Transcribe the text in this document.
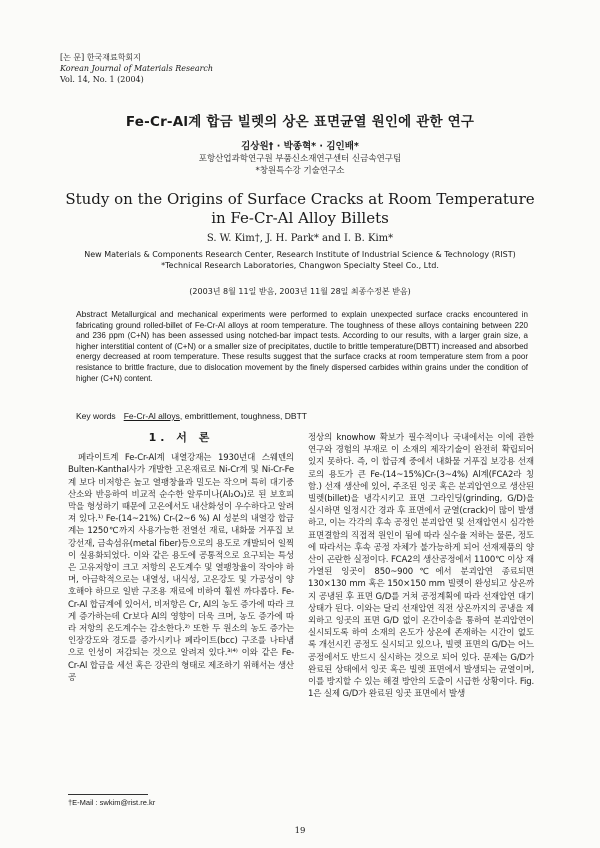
[논 문] 한국재료학회지
Korean Journal of Materials Research
Vol. 14, No. 1 (2004)
Fe-Cr-Al계 합금 빌렛의 상온 표면균열 원인에 관한 연구
김상원† · 박종혁* · 김인배*
포항산업과학연구원 부품신소재연구센터 신금속연구팀
*창원특수강 기술연구소
Study on the Origins of Surface Cracks at Room Temperature
in Fe-Cr-Al Alloy Billets
S. W. Kim†, J. H. Park* and I. B. Kim*
New Materials & Components Research Center, Research Institute of Industrial Science & Technology (RIST)
*Technical Research Laboratories, Changwon Specialty Steel Co., Ltd.
(2003년 8월 11일 받음, 2003년 11월 28일 최종수정본 받음)
Abstract Metallurgical and mechanical experiments were performed to explain unexpected surface cracks encountered in fabricating ground rolled-billet of Fe-Cr-Al alloys at room temperature. The toughness of these alloys containing between 220 and 236 ppm (C+N) has been assessed using notched-bar impact tests. According to our results, with a larger grain size, a higher interstitial content of (C+N) or a smaller size of precipitates, ductile to brittle temperature(DBTT) increased and absorbed energy decreased at room temperature. These results suggest that the surface cracks at room temperature stem from a poor resistance to brittle fracture, due to dislocation movement by the finely dispersed carbides within grains under the condition of higher (C+N) content.
Key words Fe-Cr-Al alloys, embrittlement, toughness, DBTT
1. 서 론

페라이트계 Fe-Cr-Al계 내열강재는 1930년대 스웨덴의 Bulten-Kanthal사가 개발한 고온재료로 Ni-Cr계 및 Ni-Cr-Fe계 보다 비저항은 높고 열팽창율과 밀도는 작으며 특히 대기중 산소와 반응하여 비교적 순수한 알루미나(Al₂O₃)로 된 보호피막을 형성하기 때문에 고온에서도 내산화성이 우수하다고 알려져 있다.¹⁾ Fe-(14~21%) Cr-(2~6 %) Al 성분의 내열강 합금계는 1250℃까지 사용가능한 전열선 재료, 내화물 거푸집 보강선재, 금속섬유(metal fiber)등으로의 용도로 개발되어 일찍이 실용화되었다. 이와 같은 용도에 공통적으로 요구되는 특성은 고유저항이 크고 저항의 온도계수 및 열팽창율이 작아야 하며, 아금학적으로는 내열성, 내식성, 고온강도 및 가공성이 양호해야 하므로 일반 구조용 재료에 비하여 훨씬 까다롭다. Fe-Cr-Al 합금계에 있어서, 비저항은 Cr, Al의 농도 증가에 따라 크게 증가하는데 Cr보다 Al의 영향이 더욱 크며, 농도 증가에 따라 저항의 온도계수는 감소한다.²⁾ 또한 두 원소의 농도 증가는 인장강도와 경도를 증가시키나 페라이트(bcc) 구조를 나타냄으로 인성이 저감되는 것으로 알려져 있다.³⁾⁴⁾ 이와 같은 Fe-Cr-Al 합금을 세선 혹은 강관의 형태로 제조하기 위해서는 생산 공

정상의 knowhow 확보가 필수적이나 국내에서는 이에 관한 연구와 경험의 부재로 이 소재의 제작기술이 완전히 확립되어 있지 못하다. 즉, 이 합금계 중에서 내화물 거푸집 보강용 선재로의 용도가 큰 Fe-(14~15%)Cr-(3~4%) Al계(FCA2라 칭함.) 선재 생산에 있어, 주조된 잉곳 혹은 분괴압연으로 생산된 빌렛(billet)을 냉각시키고 표면 그라인딩(grinding, G/D)을 실시하면 일정시간 경과 후 표면에서 균열(crack)이 많이 발생하고, 이는 각각의 후속 공정인 분괴압연 및 선재압연시 심각한 표면결함의 직접적 원인이 됨에 따라 실수율 저하는 물론, 정도에 따라서는 후속 공정 자체가 불가능하게 되어 선재제품의 양산이 곤란한 실정이다. FCA2의 생산공정에서 1100℃ 이상 재가열된 잉곳이 850~900℃에서 분괴압연 종료되면 130×130 mm 혹은 150×150 mm 빌렛이 완성되고 상온까지 공냉된 후 표면 G/D를 거쳐 공정계획에 따라 선재압연 대기상태가 된다. 이와는 달리 선재압연 직전 상온까지의 공냉을 제외하고 잉곳의 표면 G/D 없이 온간이송을 통하여 분괴압연이 실시되도록 하여 소재의 온도가 상온에 존재하는 시간이 없도록 개선시킨 공정도 실시되고 있으나, 빌렛 표면의 G/D는 어느 공정에서도 반드시 실시하는 것으로 되어 있다. 문제는 G/D가 완료된 상태에서 잉곳 혹은 빌렛 표면에서 발생되는 균열이며, 이를 방지할 수 있는 해결 방안의 도출이 시급한 상황이다. Fig. 1은 실제 G/D가 완료된 잉곳 표면에서 발생

†E-Mail : swkim@rist.re.kr
19
